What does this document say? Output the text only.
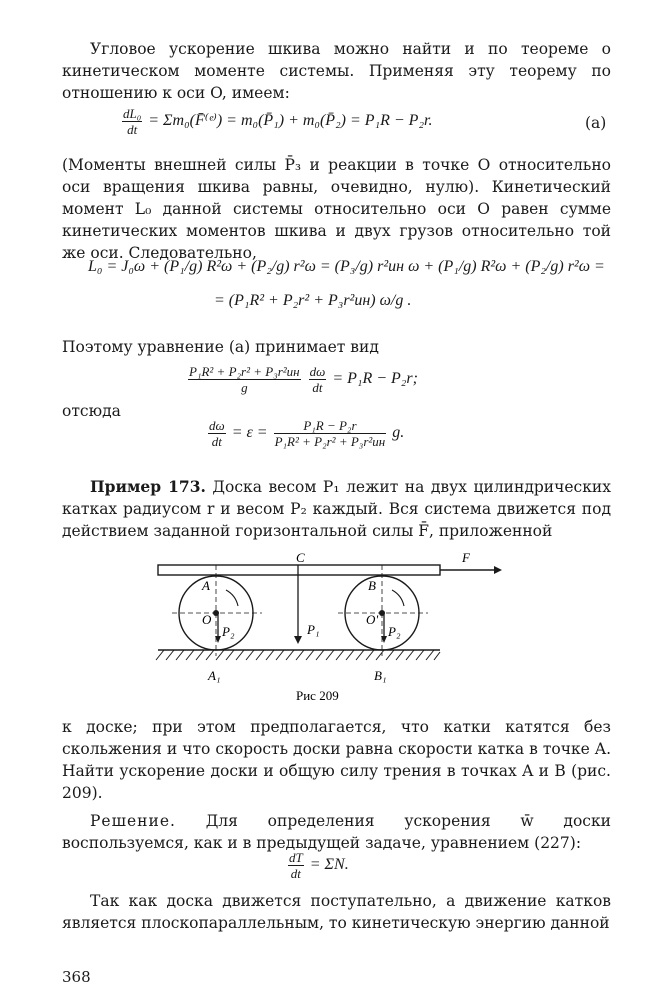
Угловое ускорение шкива можно найти и по теореме о кинетическом моменте системы. Применяя эту теорему по отношению к оси O, имеем:
$\frac{\text{dL₀}}{dt}$ = Σm₀(F̄⁽ᵉ⁾) = m₀(P̄₁) + m₀(P̄₂) = P₁R − P₂r.	(a)
(Моменты внешней силы P̄₃ и реакции в точке O относительно оси вращения шкива равны, очевидно, нулю). Кинетический момент L₀ данной системы относительно оси O равен сумме кинетических моментов шкива и двух грузов относительно той же оси. Следовательно,
L₀ = J₀ω + (P₁/g) R²ω + (P₂/g) r²ω = (P₃/g) r²ин ω + (P₁/g) R²ω + (P₂/g) r²ω =
= (P₁R² + P₂r² + P₃r²ин) ω/g .
Поэтому уравнение (а) принимает вид
$\frac{\text{P₁R² + P₂r² + P₃r²ин}}{g}$
$\frac{d\omega}{dt} = P_1R - P_2r$;
отсюда
$\frac{d\omega}{dt} = \varepsilon = \frac{\text{P₁R − P₂r}}{\text{P₁R² + P₂r² + P₃r²ин}} g$.
Пример 173. Доска весом P₁ лежит на двух цилиндрических катках радиусом r и весом P₂ каждый. Вся система движется под действием заданной горизонтальной силы F̄, приложенной
F
C
P₁
A
O
P₂
B
O'
P₂
A₁	B₁
Рис 209
к доске; при этом предполагается, что катки катятся без скольжения и что скорость доски равна скорости катка в точке A. Найти ускорение доски и общую силу трения в точках A и B (рис. 209).
Решение. Для определения ускорения w̄ доски воспользуемся, как и в предыдущей задаче, уравнением (227):
$\frac{dT}{dt} = \Sigma N$.
Так как доска движется поступательно, а движение катков является плоскопараллельным, то кинетическую энергию данной
368
